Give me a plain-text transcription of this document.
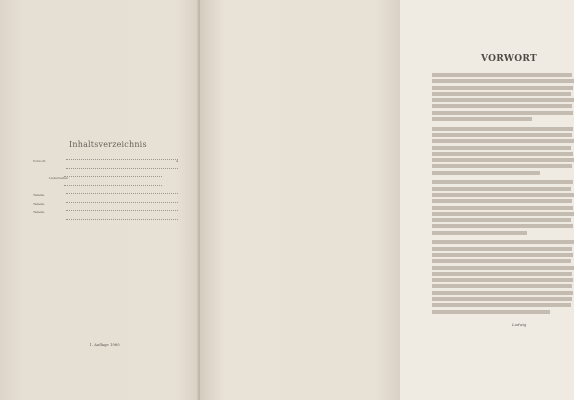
Inhaltsverzeichnis
Vorwort	4
Lieferzeiten
Tabelle
Tabelle
Tabelle
1. Auflage 1960
VORWORT
Ludwig
